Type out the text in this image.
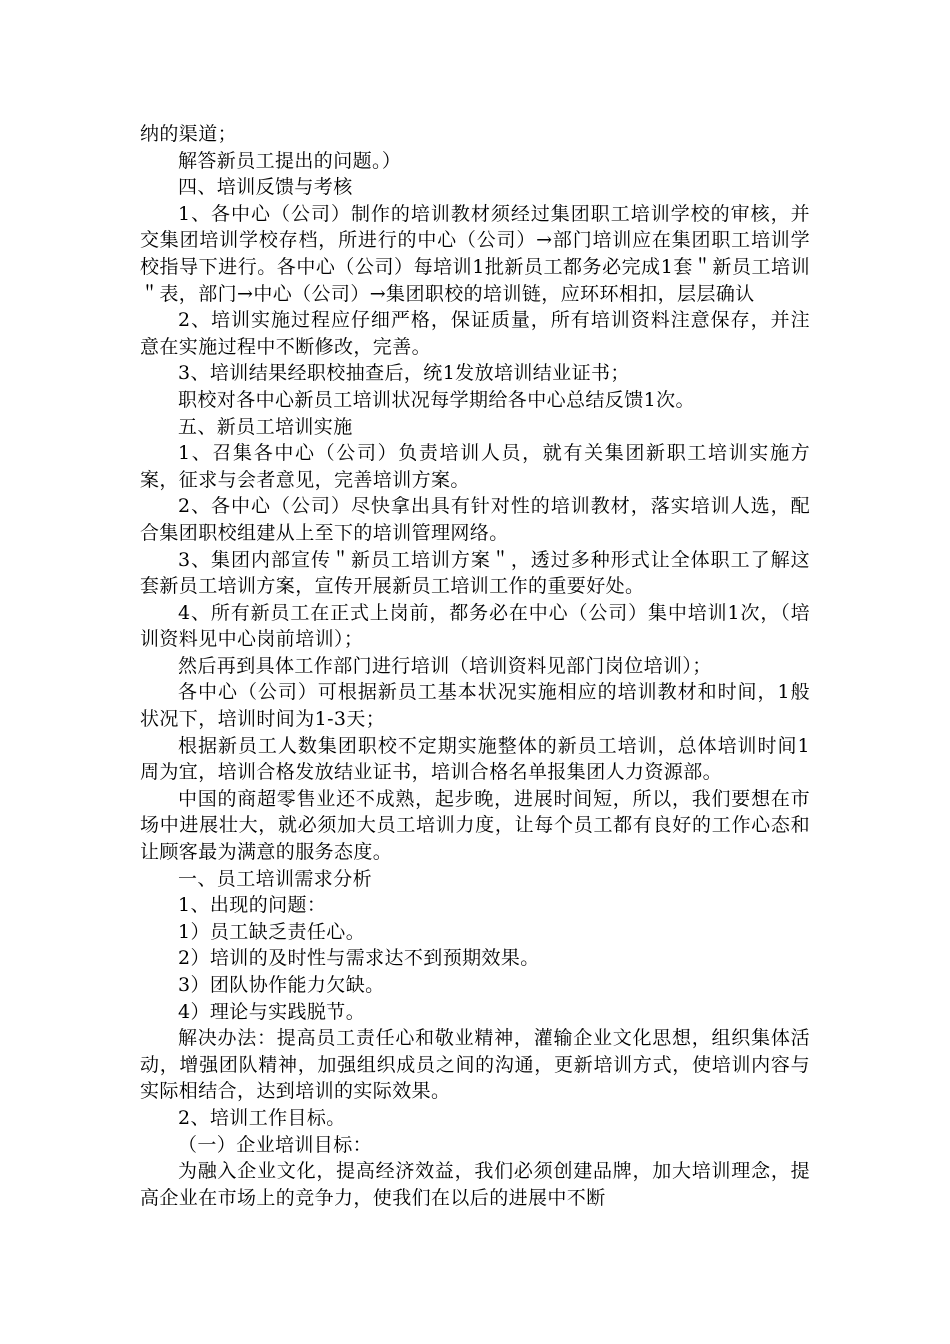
纳的渠道；

解答新员工提出的问题。）

四、培训反馈与考核

1、各中心（公司）制作的培训教材须经过集团职工培训学校的审核，并交集团培训学校存档，所进行的中心（公司）→部门培训应在集团职工培训学校指导下进行。各中心（公司）每培训1批新员工都务必完成1套＂新员工培训＂表，部门→中心（公司）→集团职校的培训链，应环环相扣，层层确认

2、培训实施过程应仔细严格，保证质量，所有培训资料注意保存，并注意在实施过程中不断修改，完善。

3、培训结果经职校抽查后，统1发放培训结业证书；

职校对各中心新员工培训状况每学期给各中心总结反馈1次。

五、新员工培训实施

1、召集各中心（公司）负责培训人员，就有关集团新职工培训实施方案，征求与会者意见，完善培训方案。

2、各中心（公司）尽快拿出具有针对性的培训教材，落实培训人选，配合集团职校组建从上至下的培训管理网络。

3、集团内部宣传＂新员工培训方案＂，透过多种形式让全体职工了解这套新员工培训方案，宣传开展新员工培训工作的重要好处。

4、所有新员工在正式上岗前，都务必在中心（公司）集中培训1次，（培训资料见中心岗前培训）；

然后再到具体工作部门进行培训（培训资料见部门岗位培训）；

各中心（公司）可根据新员工基本状况实施相应的培训教材和时间，1般状况下，培训时间为1-3天；

根据新员工人数集团职校不定期实施整体的新员工培训，总体培训时间1周为宜，培训合格发放结业证书，培训合格名单报集团人力资源部。

中国的商超零售业还不成熟，起步晚，进展时间短，所以，我们要想在市场中进展壮大，就必须加大员工培训力度，让每个员工都有良好的工作心态和让顾客最为满意的服务态度。

一、员工培训需求分析

1、出现的问题：

1）员工缺乏责任心。

2）培训的及时性与需求达不到预期效果。

3）团队协作能力欠缺。

4）理论与实践脱节。

解决办法：提高员工责任心和敬业精神，灌输企业文化思想，组织集体活动，增强团队精神，加强组织成员之间的沟通，更新培训方式，使培训内容与实际相结合，达到培训的实际效果。

2、培训工作目标。

（一）企业培训目标：

为融入企业文化，提高经济效益，我们必须创建品牌，加大培训理念，提高企业在市场上的竞争力，使我们在以后的进展中不断
